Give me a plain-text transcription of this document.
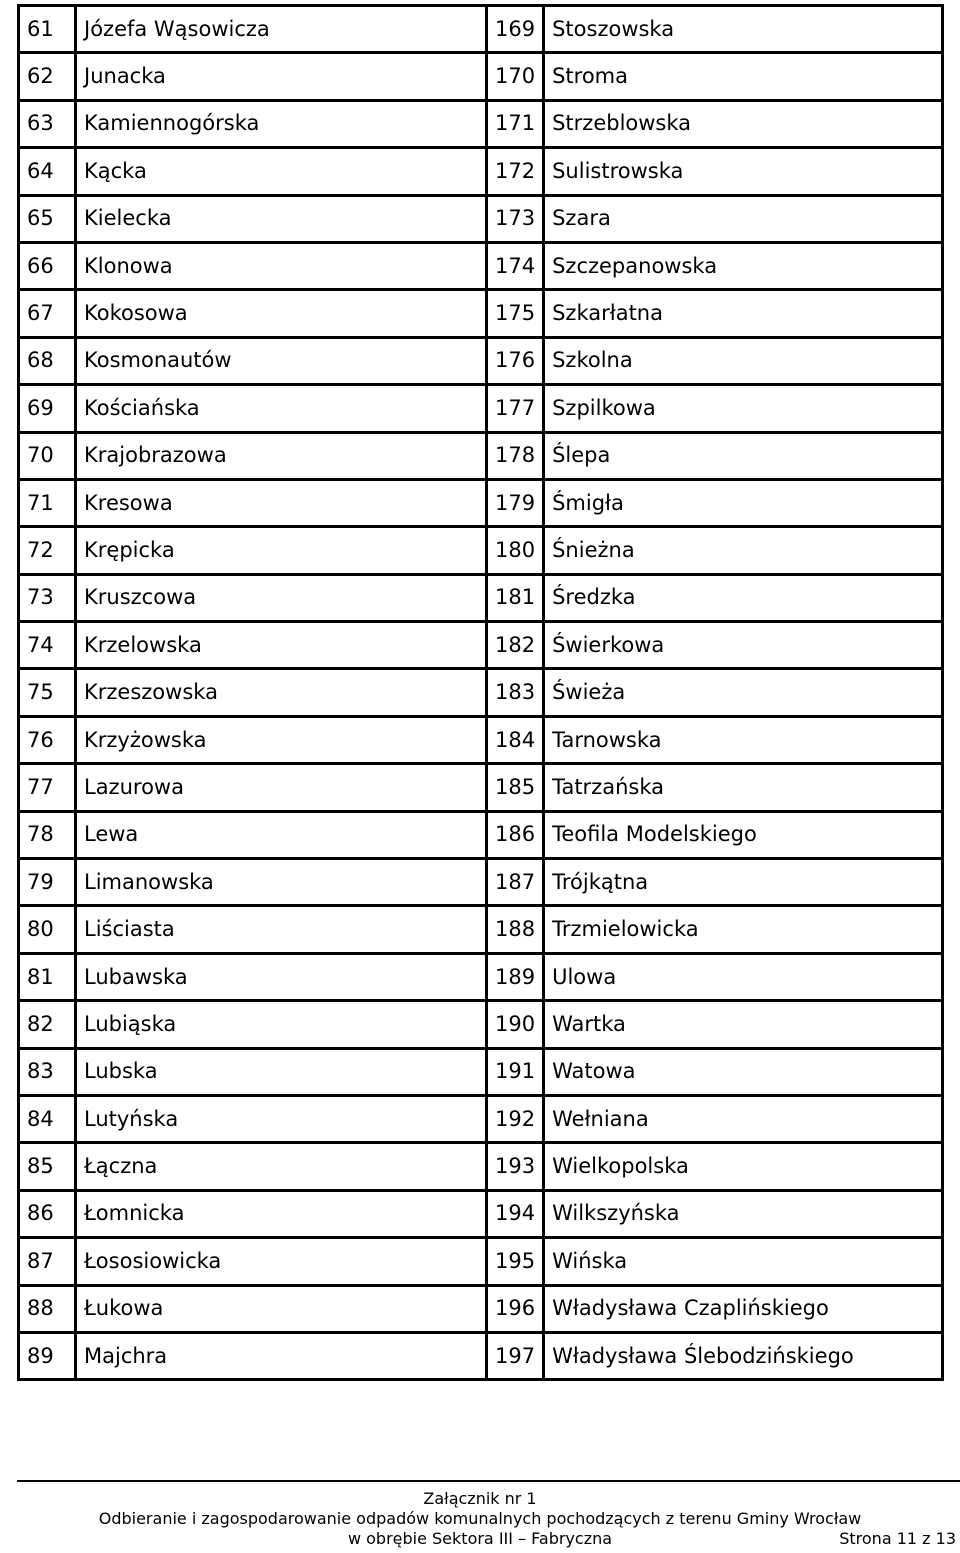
61	Józefa Wąsowicza	169	Stoszowska
62	Junacka	170	Stroma
63	Kamiennogórska	171	Strzeblowska
64	Kącka	172	Sulistrowska
65	Kielecka	173	Szara
66	Klonowa	174	Szczepanowska
67	Kokosowa	175	Szkarłatna
68	Kosmonautów	176	Szkolna
69	Kościańska	177	Szpilkowa
70	Krajobrazowa	178	Ślepa
71	Kresowa	179	Śmigła
72	Krępicka	180	Śnieżna
73	Kruszcowa	181	Średzka
74	Krzelowska	182	Świerkowa
75	Krzeszowska	183	Świeża
76	Krzyżowska	184	Tarnowska
77	Lazurowa	185	Tatrzańska
78	Lewa	186	Teofila Modelskiego
79	Limanowska	187	Trójkątna
80	Liściasta	188	Trzmielowicka
81	Lubawska	189	Ulowa
82	Lubiąska	190	Wartka
83	Lubska	191	Watowa
84	Lutyńska	192	Wełniana
85	Łączna	193	Wielkopolska
86	Łomnicka	194	Wilkszyńska
87	Łososiowicka	195	Wińska
88	Łukowa	196	Władysława Czaplińskiego
89	Majchra	197	Władysława Ślebodzińskiego
Załącznik nr 1
Odbieranie i zagospodarowanie odpadów komunalnych pochodzących z terenu Gminy Wrocław
w obrębie Sektora III – Fabryczna	Strona 11 z 13
